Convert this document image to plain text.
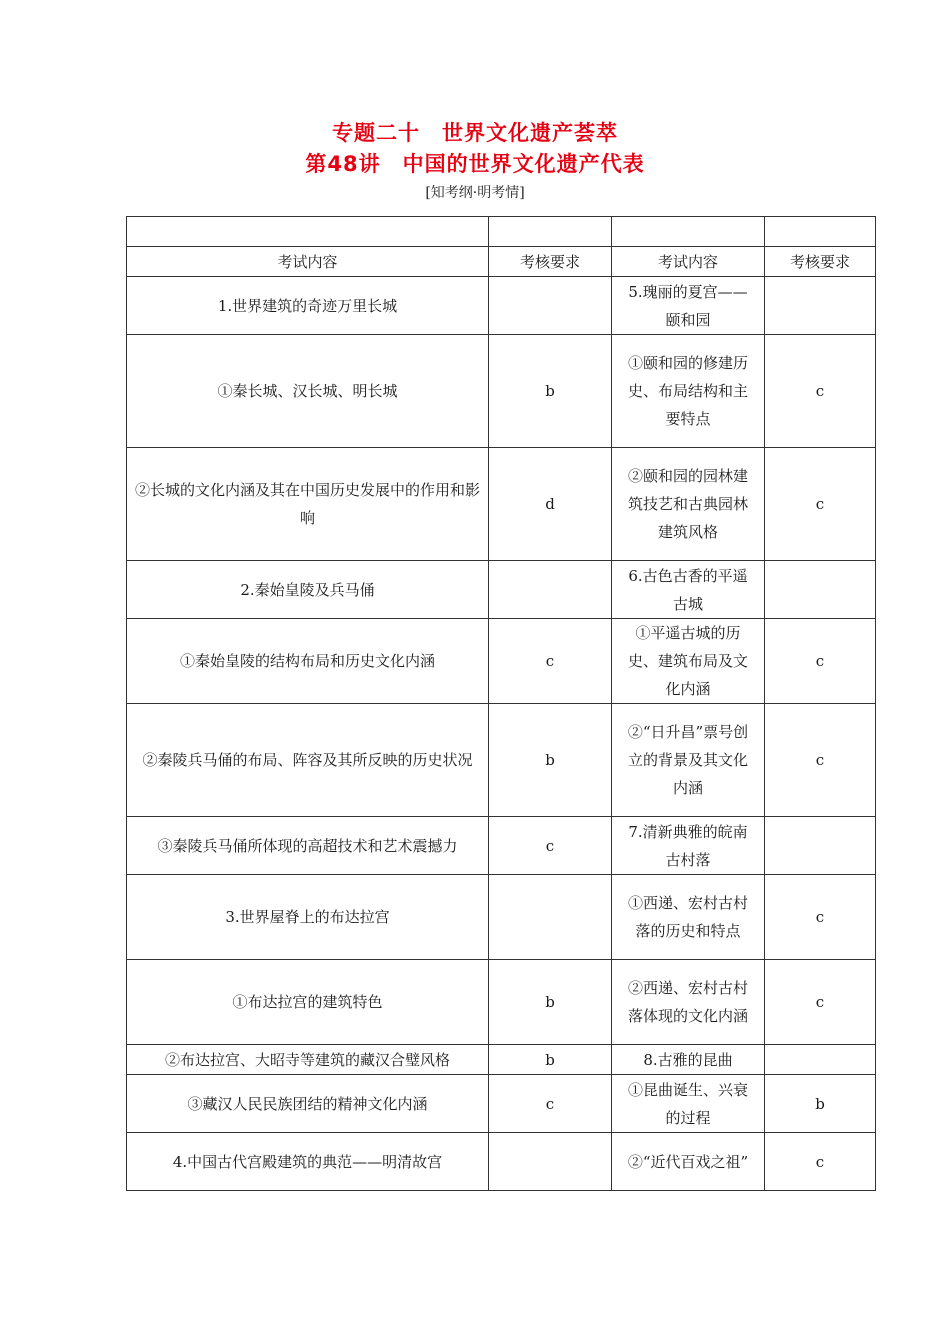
专题二十　世界文化遗产荟萃
第48讲　中国的世界文化遗产代表
[知考纲·明考情]

考试内容	考核要求	考试内容	考核要求
1.世界建筑的奇迹万里长城		5.瑰丽的夏宫——颐和园	
①秦长城、汉长城、明长城	b	①颐和园的修建历史、布局结构和主要特点	c
②长城的文化内涵及其在中国历史发展中的作用和影响	d	②颐和园的园林建筑技艺和古典园林建筑风格	c
2.秦始皇陵及兵马俑		6.古色古香的平遥古城	
①秦始皇陵的结构布局和历史文化内涵	c	①平遥古城的历史、建筑布局及文化内涵	c
②秦陵兵马俑的布局、阵容及其所反映的历史状况	b	②“日升昌”票号创立的背景及其文化内涵	c
③秦陵兵马俑所体现的高超技术和艺术震撼力	c	7.清新典雅的皖南古村落	
3.世界屋脊上的布达拉宫		①西递、宏村古村落的历史和特点	c
①布达拉宫的建筑特色	b	②西递、宏村古村落体现的文化内涵	c
②布达拉宫、大昭寺等建筑的藏汉合璧风格	b	8.古雅的昆曲	
③藏汉人民民族团结的精神文化内涵	c	①昆曲诞生、兴衰的过程	b
4.中国古代宫殿建筑的典范——明清故宫		②“近代百戏之祖”	c
